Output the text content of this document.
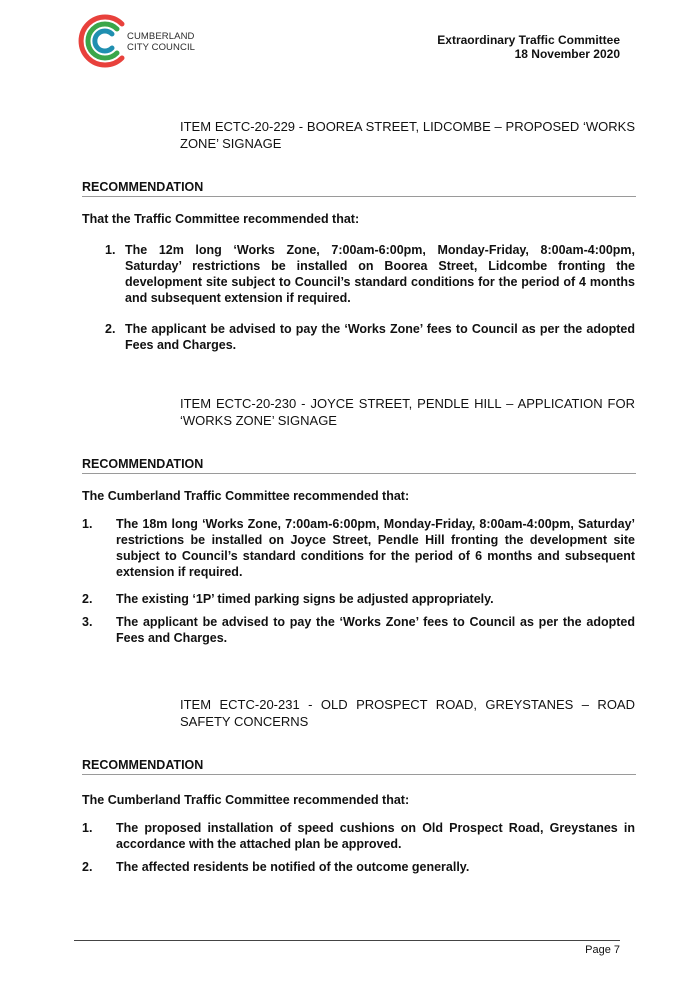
CUMBERLAND
CITY COUNCIL
Extraordinary Traffic Committee
18 November 2020
ITEM ECTC-20-229 - BOOREA STREET, LIDCOMBE – PROPOSED ‘WORKS ZONE’ SIGNAGE
RECOMMENDATION
That the Traffic Committee recommended that:
1. The 12m long ‘Works Zone, 7:00am-6:00pm, Monday-Friday, 8:00am-4:00pm, Saturday’ restrictions be installed on Boorea Street, Lidcombe fronting the development site subject to Council’s standard conditions for the period of 4 months and subsequent extension if required.
2. The applicant be advised to pay the ‘Works Zone’ fees to Council as per the adopted Fees and Charges.
ITEM ECTC-20-230 - JOYCE STREET, PENDLE HILL – APPLICATION FOR ‘WORKS ZONE’ SIGNAGE
RECOMMENDATION
The Cumberland Traffic Committee recommended that:
1.	The 18m long ‘Works Zone, 7:00am-6:00pm, Monday-Friday, 8:00am-4:00pm, Saturday’ restrictions be installed on Joyce Street, Pendle Hill fronting the development site subject to Council’s standard conditions for the period of 6 months and subsequent extension if required.
2.	The existing ‘1P’ timed parking signs be adjusted appropriately.
3.	The applicant be advised to pay the ‘Works Zone’ fees to Council as per the adopted Fees and Charges.
ITEM ECTC-20-231 - OLD PROSPECT ROAD, GREYSTANES – ROAD SAFETY CONCERNS
RECOMMENDATION
The Cumberland Traffic Committee recommended that:
1.	The proposed installation of speed cushions on Old Prospect Road, Greystanes in accordance with the attached plan be approved.
2.	The affected residents be notified of the outcome generally.
Page 7
